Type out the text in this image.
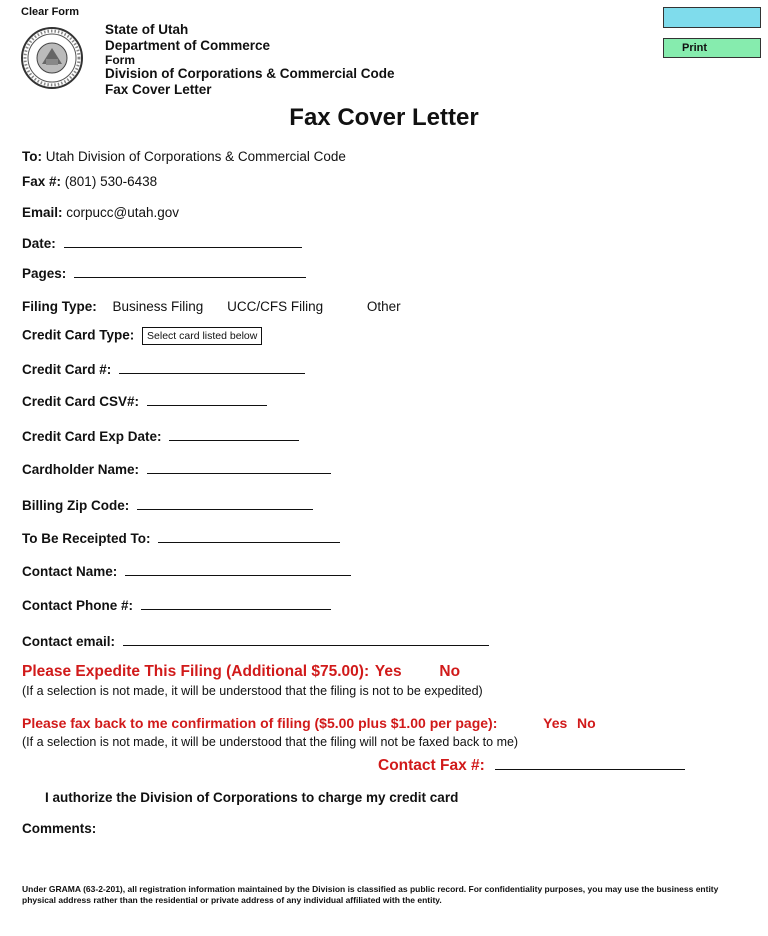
Clear Form
State of Utah
Department of Commerce
Form
Division of Corporations & Commercial Code
Fax Cover Letter
Print
Fax Cover Letter
To: Utah Division of Corporations & Commercial Code
Fax #: (801) 530-6438
Email: corpucc@utah.gov
Date:
Pages:
Filing Type: Business Filing UCC/CFS Filing	Other
Credit Card Type: Select card listed below
Credit Card #:
Credit Card CSV#:
Credit Card Exp Date:
Cardholder Name:
Billing Zip Code:
To Be Receipted To:
Contact Name:
Contact Phone #:
Contact email:
Please Expedite This Filing (Additional $75.00): Yes No
(If a selection is not made, it will be understood that the filing is not to be expedited)
Please fax back to me confirmation of filing ($5.00 plus $1.00 per page):	Yes No
(If a selection is not made, it will be understood that the filing will not be faxed back to me)
Contact Fax #:
I authorize the Division of Corporations to charge my credit card
Comments:
Under GRAMA (63-2-201), all registration information maintained by the Division is classified as public record. For confidentiality purposes, you may use the business entity physical address rather than the residential or private address of any individual affiliated with the entity.
